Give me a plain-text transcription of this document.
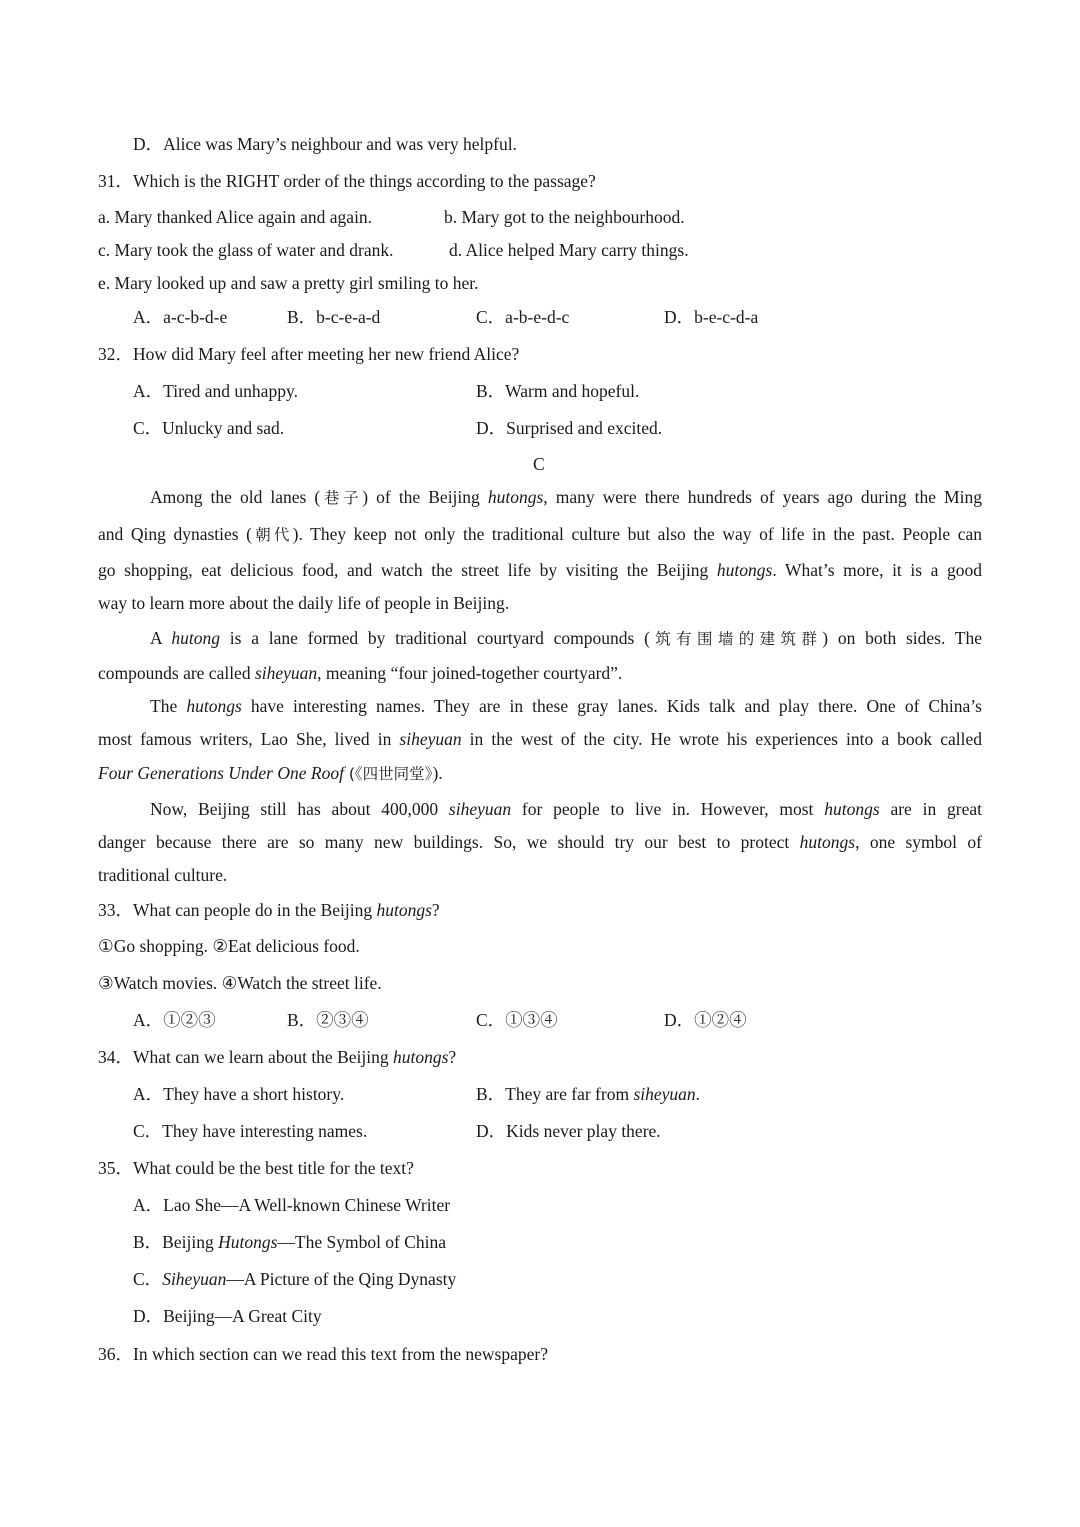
D．Alice was Mary’s neighbour and was very helpful.
31．Which is the RIGHT order of the things according to the passage?
a. Mary thanked Alice again and again.	b. Mary got to the neighbourhood.
c. Mary took the glass of water and drank.	d. Alice helped Mary carry things.
e. Mary looked up and saw a pretty girl smiling to her.
A．a-c-b-d-e	B．b-c-e-a-d	C．a-b-e-d-c	D．b-e-c-d-a
32．How did Mary feel after meeting her new friend Alice?
A．Tired and unhappy.	B．Warm and hopeful.
C．Unlucky and sad.	D．Surprised and excited.
C
Among the old lanes (巷子) of the Beijing hutongs, many were there hundreds of years ago during the Ming
and Qing dynasties (朝代). They keep not only the traditional culture but also the way of life in the past. People can
go shopping, eat delicious food, and watch the street life by visiting the Beijing hutongs. What’s more, it is a good
way to learn more about the daily life of people in Beijing.
A hutong is a lane formed by traditional courtyard compounds (筑有围墙的建筑群) on both sides. The
compounds are called siheyuan, meaning “four joined-together courtyard”.
The hutongs have interesting names. They are in these gray lanes. Kids talk and play there. One of China’s
most famous writers, Lao She, lived in siheyuan in the west of the city. He wrote his experiences into a book called
Four Generations Under One Roof (《四世同堂》).
Now, Beijing still has about 400,000 siheyuan for people to live in. However, most hutongs are in great
danger because there are so many new buildings. So, we should try our best to protect hutongs, one symbol of
traditional culture.
33．What can people do in the Beijing hutongs?
①Go shopping. ②Eat delicious food.
③Watch movies. ④Watch the street life.
A．①②③	B．②③④	C．①③④	D．①②④
34．What can we learn about the Beijing hutongs?
A．They have a short history.	B．They are far from siheyuan.
C．They have interesting names.	D．Kids never play there.
35．What could be the best title for the text?
A．Lao She—A Well-known Chinese Writer
B．Beijing Hutongs—The Symbol of China
C．Siheyuan—A Picture of the Qing Dynasty
D．Beijing—A Great City
36．In which section can we read this text from the newspaper?
